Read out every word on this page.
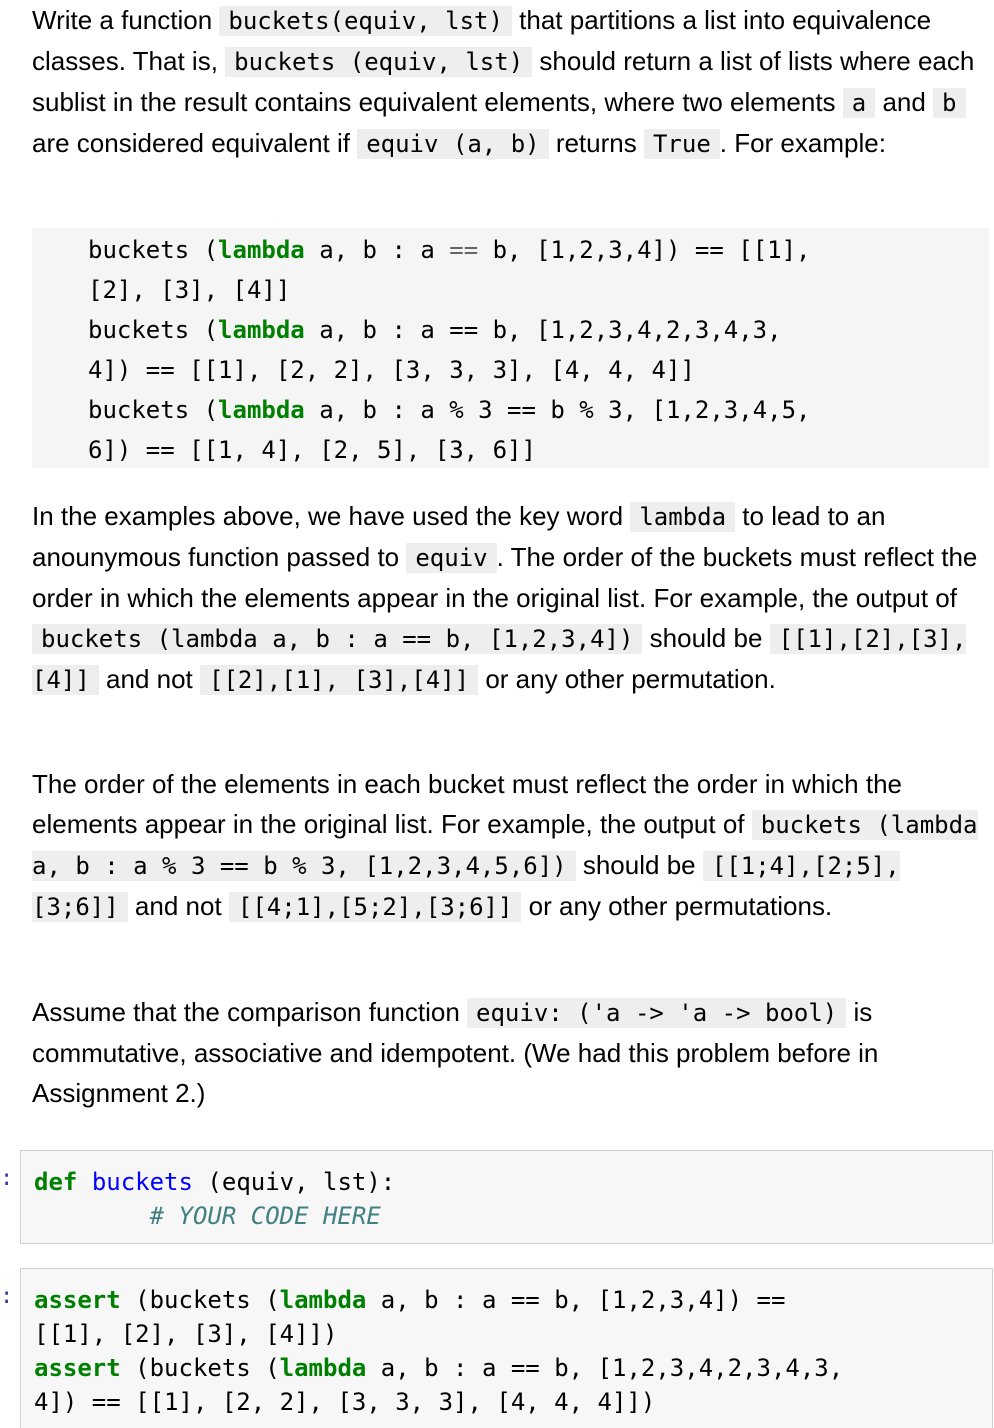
Write a function buckets(equiv, lst) that partitions a list into equivalence classes. That is, buckets (equiv, lst) should return a list of lists where each sublist in the result contains equivalent elements, where two elements a and b are considered equivalent if equiv (a, b) returns True . For example:

buckets (lambda a, b : a == b, [1,2,3,4]) == [[1],
[2], [3], [4]]
buckets (lambda a, b : a == b, [1,2,3,4,2,3,4,3,
4]) == [[1], [2, 2], [3, 3, 3], [4, 4, 4]]
buckets (lambda a, b : a % 3 == b % 3, [1,2,3,4,5,
6]) == [[1, 4], [2, 5], [3, 6]]

In the examples above, we have used the key word lambda to lead to an anounymous function passed to equiv . The order of the buckets must reflect the order in which the elements appear in the original list. For example, the output of buckets (lambda a, b : a == b, [1,2,3,4]) should be [[1],[2],[3],[4]] and not [[2],[1], [3],[4]] or any other permutation.

The order of the elements in each bucket must reflect the order in which the elements appear in the original list. For example, the output of buckets (lambda a, b : a % 3 == b % 3, [1,2,3,4,5,6]) should be [[1;4],[2;5],[3;6]] and not [[4;1],[5;2],[3;6]] or any other permutations.

Assume that the comparison function equiv: ('a -> 'a -> bool) is commutative, associative and idempotent. (We had this problem before in Assignment 2.)

: def buckets (equiv, lst):
# YOUR CODE HERE
: assert (buckets (lambda a, b : a == b, [1,2,3,4]) ==
[[1], [2], [3], [4]])
assert (buckets (lambda a, b : a == b, [1,2,3,4,2,3,4,3,
4]) == [[1], [2, 2], [3, 3, 3], [4, 4, 4]])
